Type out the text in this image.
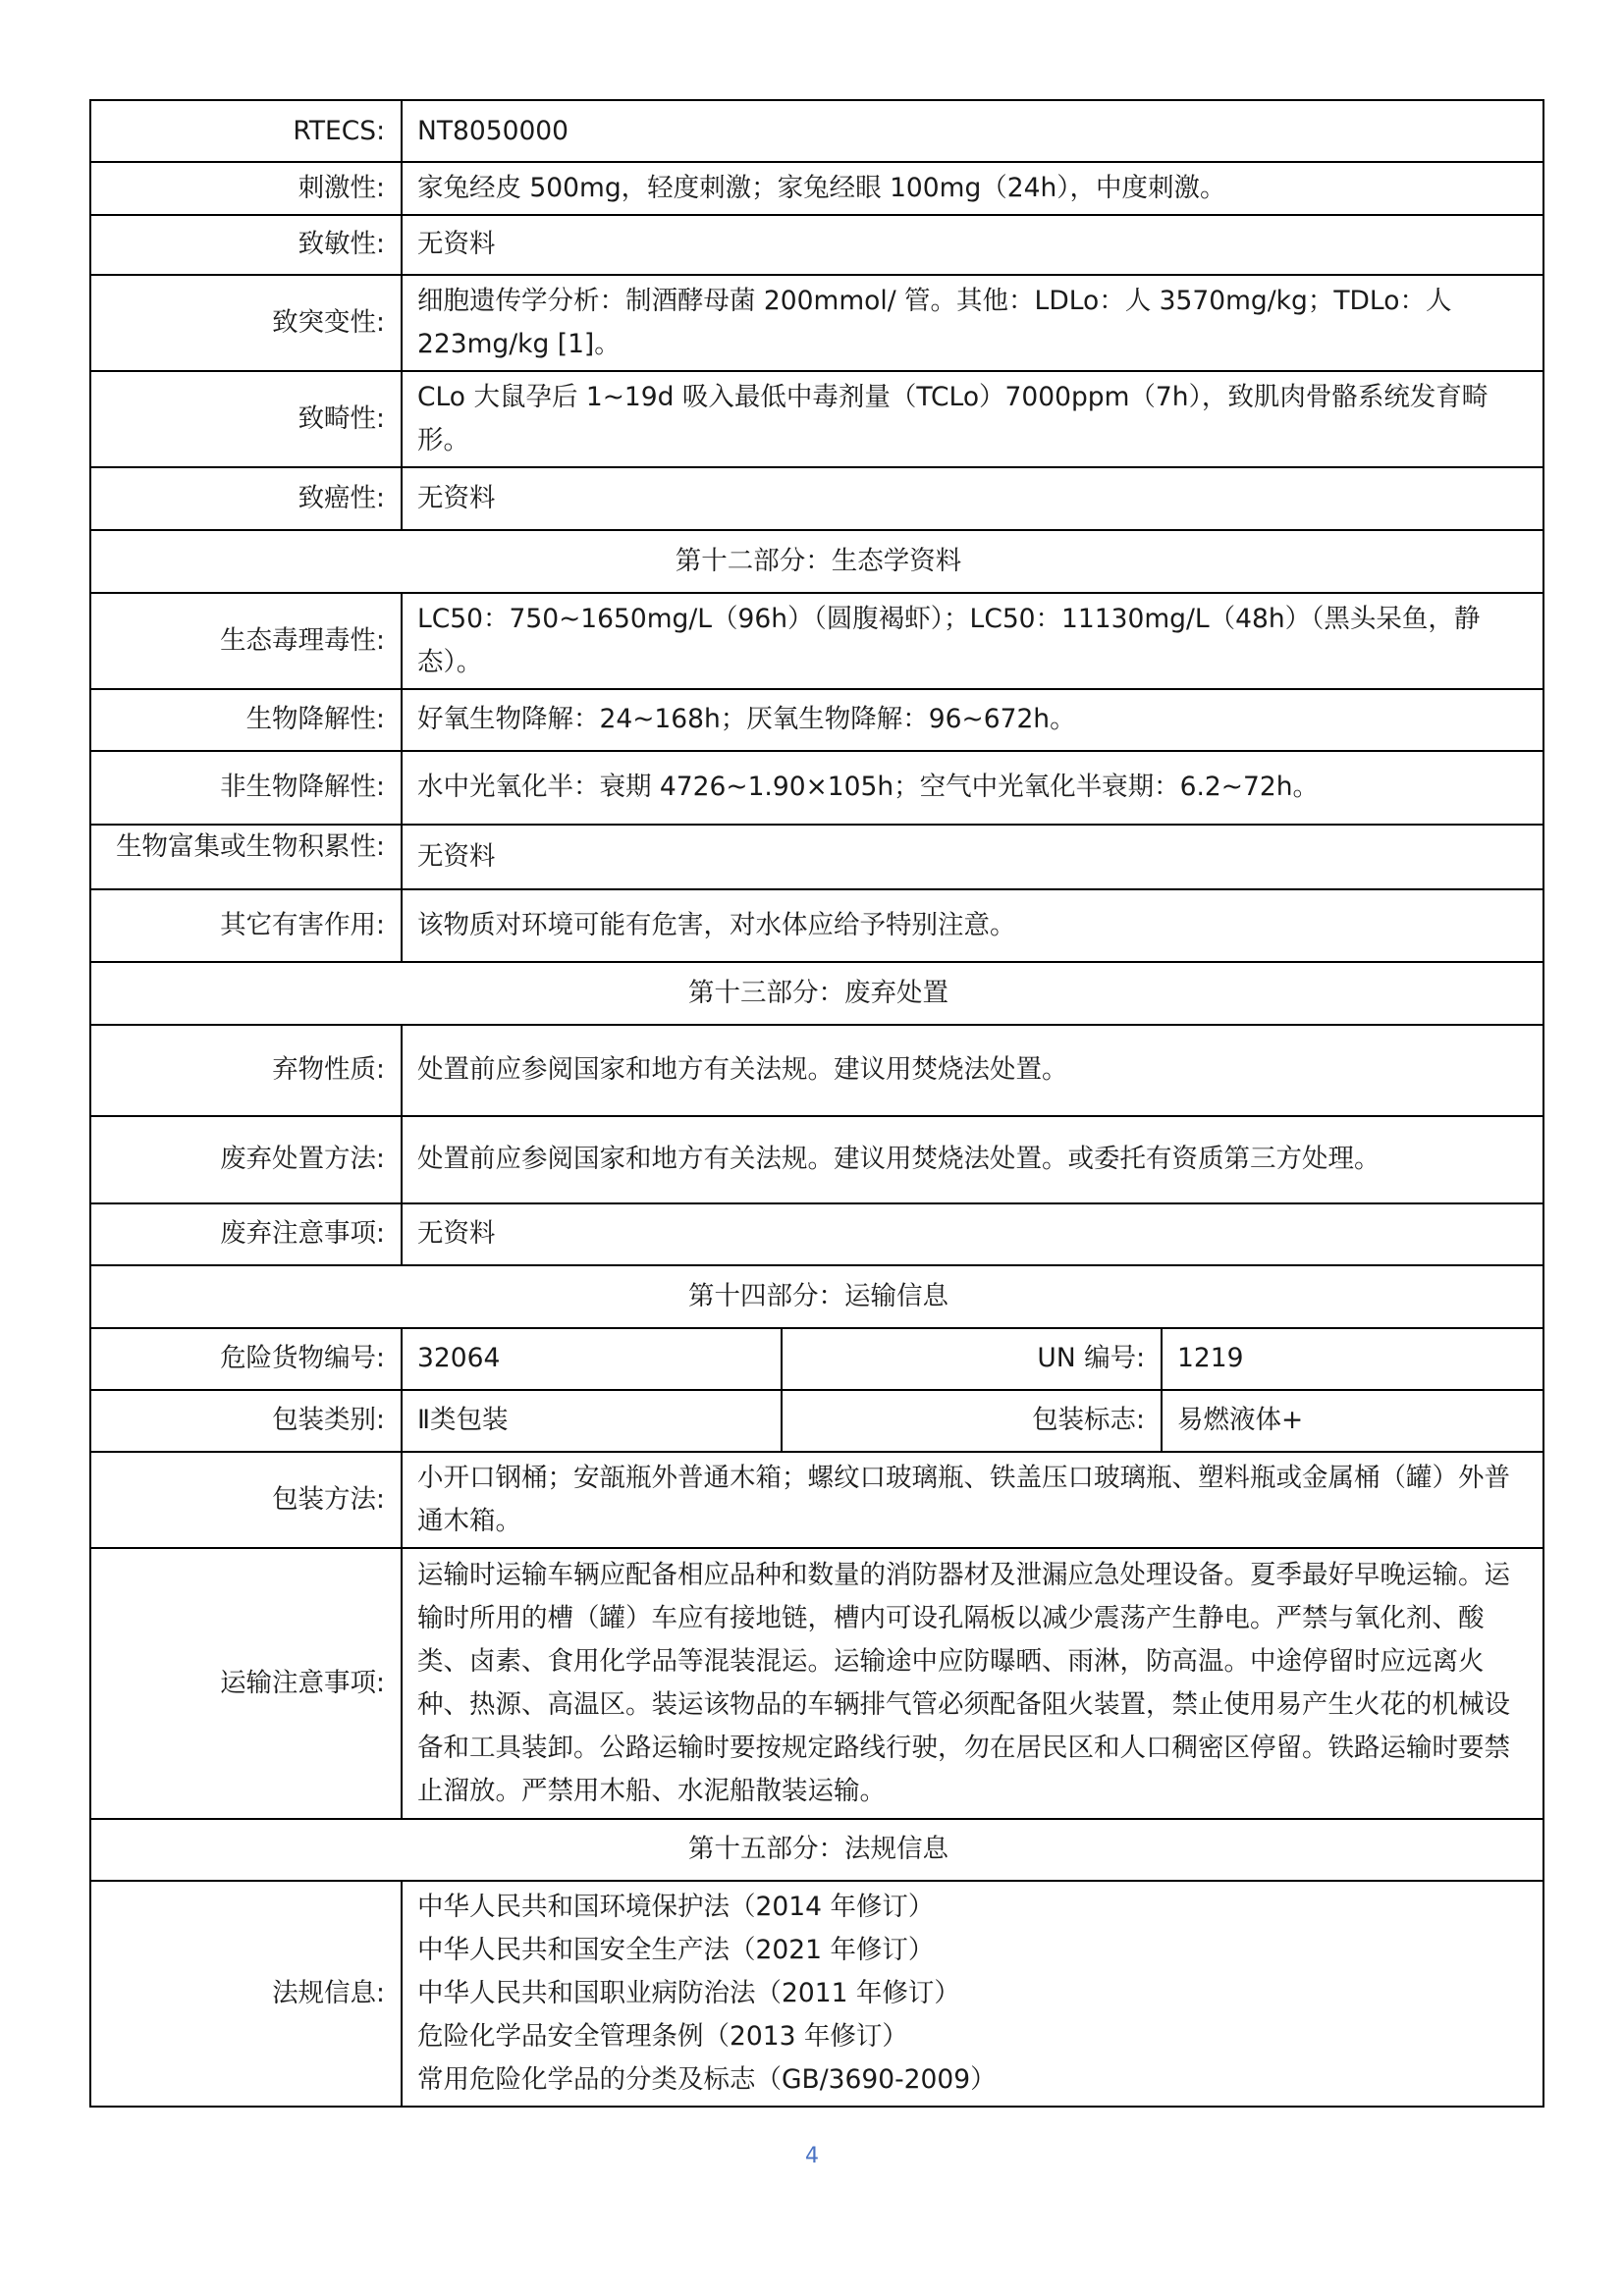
RTECS:	NT8050000		
刺激性:	家兔经皮 500mg，轻度刺激；家兔经眼 100mg（24h），中度刺激。		
致敏性:	无资料		
致突变性:	细胞遗传学分析：制酒酵母菌 200mmol/ 管。其他：LDLo：人 3570mg/kg；TDLo：人 223mg/kg [1]。		
致畸性:	CLo 大鼠孕后 1~19d 吸入最低中毒剂量（TCLo）7000ppm（7h），致肌肉骨骼系统发育畸形。		
致癌性:	无资料		
第十二部分：生态学资料			
生态毒理毒性:	LC50：750~1650mg/L（96h）（圆腹褐虾）；LC50：11130mg/L（48h）（黑头呆鱼，静态）。		
生物降解性:	好氧生物降解：24~168h；厌氧生物降解：96~672h。		
非生物降解性:	水中光氧化半：衰期 4726~1.90×105h；空气中光氧化半衰期：6.2~72h。		

生物富集或生物积累性:	无资料		
其它有害作用:	该物质对环境可能有危害，对水体应给予特别注意。		
第十三部分：废弃处置			
弃物性质:	处置前应参阅国家和地方有关法规。建议用焚烧法处置。		
废弃处置方法:	处置前应参阅国家和地方有关法规。建议用焚烧法处置。或委托有资质第三方处理。		
废弃注意事项:	无资料		
第十四部分：运输信息			
危险货物编号:	32064	UN 编号:	1219
包装类别:	Ⅱ类包装	包装标志:	易燃液体+
包装方法:	小开口钢桶；安瓿瓶外普通木箱；螺纹口玻璃瓶、铁盖压口玻璃瓶、塑料瓶或金属桶（罐）外普通木箱。		
运输注意事项:	运输时运输车辆应配备相应品种和数量的消防器材及泄漏应急处理设备。夏季最好早晚运输。运输时所用的槽（罐）车应有接地链，槽内可设孔隔板以减少震荡产生静电。严禁与氧化剂、酸类、卤素、食用化学品等混装混运。运输途中应防曝晒、雨淋，防高温。中途停留时应远离火种、热源、高温区。装运该物品的车辆排气管必须配备阻火装置，禁止使用易产生火花的机械设备和工具装卸。公路运输时要按规定路线行驶，勿在居民区和人口稠密区停留。铁路运输时要禁止溜放。严禁用木船、水泥船散装运输。		
第十五部分：法规信息			
法规信息:	中华人民共和国环境保护法（2014 年修订）
中华人民共和国安全生产法（2021 年修订）
中华人民共和国职业病防治法（2011 年修订）
危险化学品安全管理条例（2013 年修订）
常用危险化学品的分类及标志（GB/3690-2009）		
4
